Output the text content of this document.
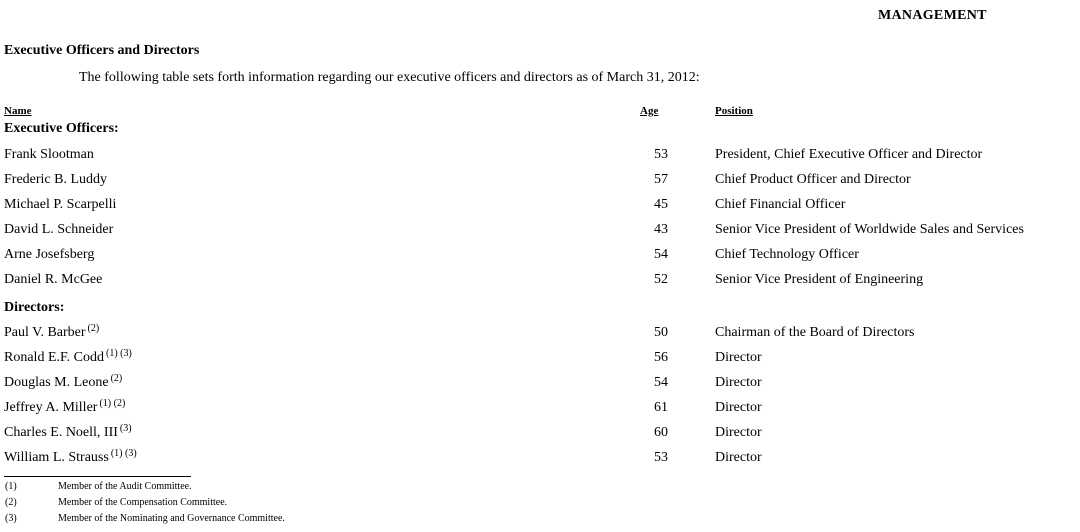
MANAGEMENT
Executive Officers and Directors
The following table sets forth information regarding our executive officers and directors as of March 31, 2012:
Name	Age	Position
Executive Officers:
Frank Slootman	53	President, Chief Executive Officer and Director
Frederic B. Luddy	57	Chief Product Officer and Director
Michael P. Scarpelli	45	Chief Financial Officer
David L. Schneider	43	Senior Vice President of Worldwide Sales and Services
Arne Josefsberg	54	Chief Technology Officer
Daniel R. McGee	52	Senior Vice President of Engineering
Directors:
Paul V. Barber $^{(2)}$	50	Chairman of the Board of Directors
Ronald E.F. Codd $^{(1) (3)}$	56	Director
Douglas M. Leone $^{(2)}$	54	Director
Jeffrey A. Miller $^{(1) (2)}$	61	Director
Charles E. Noell, III $^{(3)}$	60	Director
William L. Strauss $^{(1) (3)}$	53	Director
(1)	Member of the Audit Committee.
(2)	Member of the Compensation Committee.
(3)	Member of the Nominating and Governance Committee.
